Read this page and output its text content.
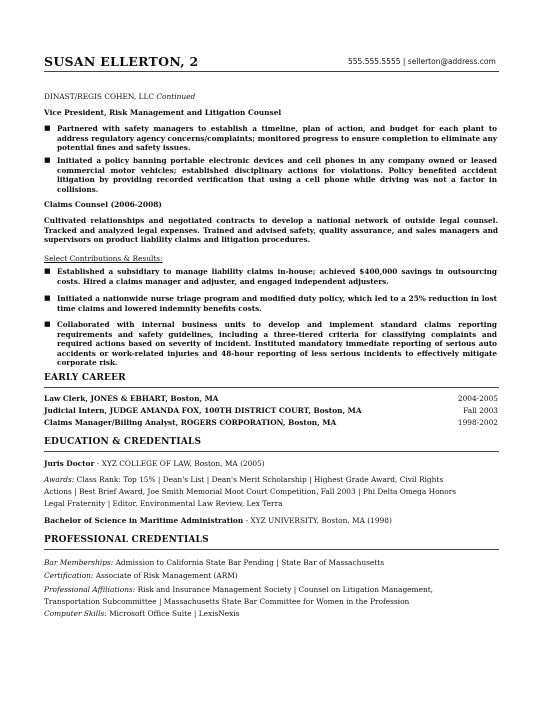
SUSAN ELLERTON, 2	555.555.5555 | sellerton@address.com
DINAST/REGIS COHEN, LLC Continued
Vice President, Risk Management and Litigation Counsel
■ Partnered with safety managers to establish a timeline, plan of action, and budget for each plant to address regulatory agency concerns/complaints; monitored progress to ensure completion to eliminate any potential fines and safety issues.
■ Initiated a policy banning portable electronic devices and cell phones in any company owned or leased commercial motor vehicles; established disciplinary actions for violations. Policy benefited accident litigation by providing recorded verification that using a cell phone while driving was not a factor in collisions.
Claims Counsel (2006-2008)
Cultivated relationships and negotiated contracts to develop a national network of outside legal counsel. Tracked and analyzed legal expenses. Trained and advised safety, quality assurance, and sales managers and supervisors on product liability claims and litigation procedures.
Select Contributions & Results:
■ Established a subsidiary to manage liability claims in-house; achieved $400,000 savings in outsourcing costs. Hired a claims manager and adjuster, and engaged independent adjusters.
■ Initiated a nationwide nurse triage program and modified duty policy, which led to a 25% reduction in lost time claims and lowered indemnity benefits costs.
■ Collaborated with internal business units to develop and implement standard claims reporting requirements and safety guidelines, including a three-tiered criteria for classifying complaints and required actions based on severity of incident. Instituted mandatory immediate reporting of serious auto accidents or work-related injuries and 48-hour reporting of less serious incidents to effectively mitigate corporate risk.
EARLY CAREER
Law Clerk, JONES & EBHART, Boston, MA	2004-2005
Judicial Intern, JUDGE AMANDA FOX, 100TH DISTRICT COURT, Boston, MA	Fall 2003
Claims Manager/Billing Analyst, ROGERS CORPORATION, Boston, MA	1998-2002
EDUCATION & CREDENTIALS
Juris Doctor - XYZ COLLEGE OF LAW, Boston, MA (2005)
Awards: Class Rank: Top 15% | Dean's List | Dean's Merit Scholarship | Highest Grade Award, Civil Rights
Actions | Best Brief Award, Joe Smith Memorial Moot Court Competition, Fall 2003 | Phi Delta Omega Honors
Legal Fraternity | Editor, Environmental Law Review, Lex Terra
Bachelor of Science in Maritime Administration - XYZ UNIVERSITY, Boston, MA (1998)
PROFESSIONAL CREDENTIALS
Bar Memberships: Admission to California State Bar Pending | State Bar of Massachusetts
Certification: Associate of Risk Management (ARM)
Professional Affiliations: Risk and Insurance Management Society | Counsel on Litigation Management,
Transportation Subcommittee | Massachusetts State Bar Committee for Women in the Profession
Computer Skills: Microsoft Office Suite | LexisNexis
